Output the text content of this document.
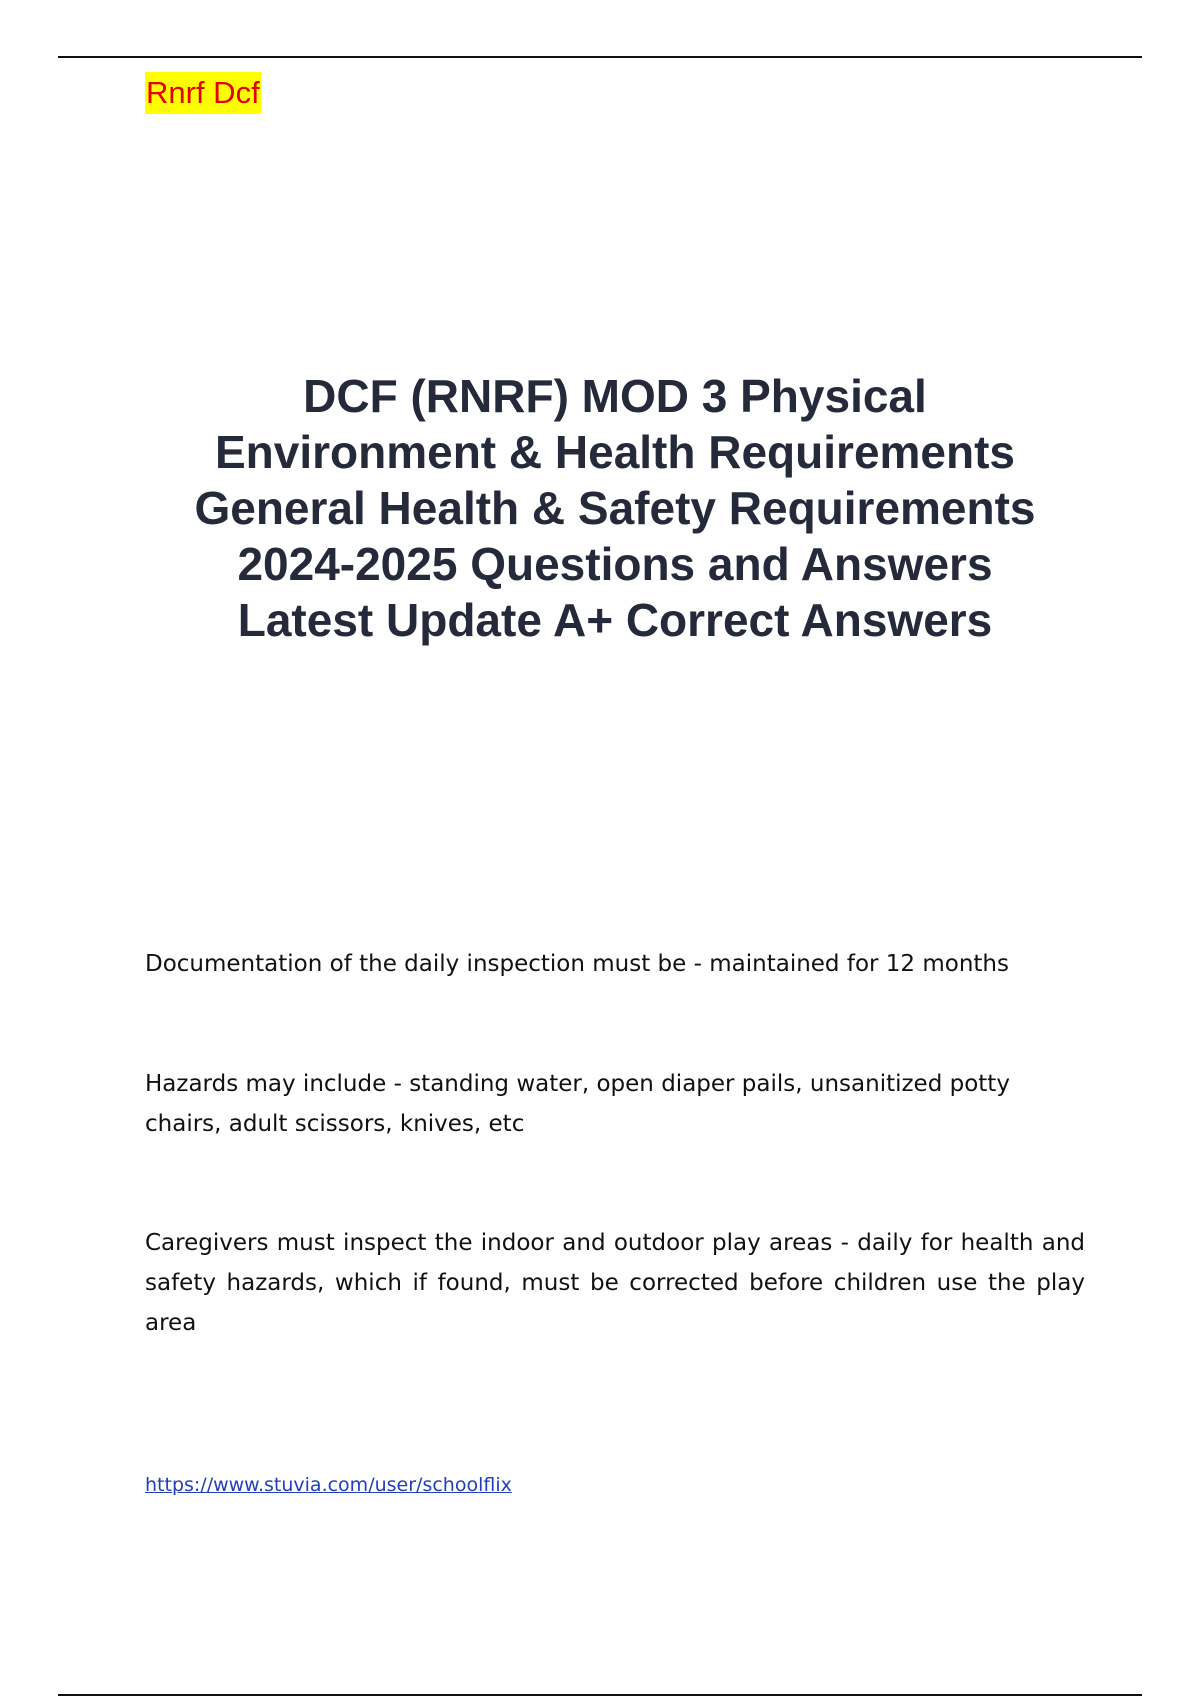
Rnrf Dcf
DCF (RNRF) MOD 3 Physical
Environment & Health Requirements
General Health & Safety Requirements
2024-2025 Questions and Answers
Latest Update A+ Correct Answers
Documentation of the daily inspection must be - maintained for 12 months
Hazards may include - standing water, open diaper pails, unsanitized potty chairs, adult scissors, knives, etc
Caregivers must inspect the indoor and outdoor play areas - daily for health and safety hazards, which if found, must be corrected before children use the play area
https://www.stuvia.com/user/schoolflix
